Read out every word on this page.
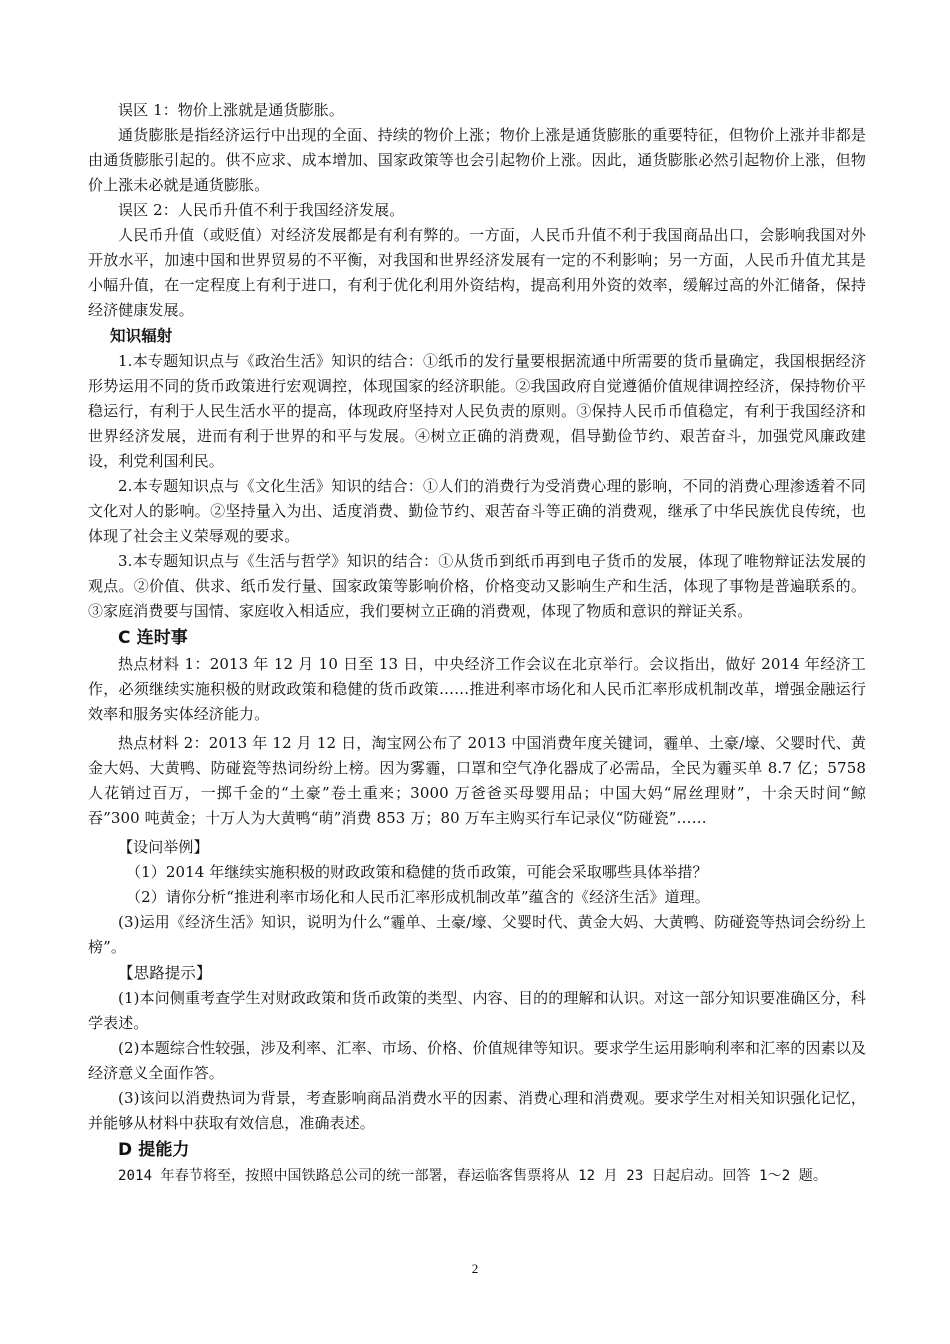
误区 1：物价上涨就是通货膨胀。

通货膨胀是指经济运行中出现的全面、持续的物价上涨；物价上涨是通货膨胀的重要特征，但物价上涨并非都是由通货膨胀引起的。供不应求、成本增加、国家政策等也会引起物价上涨。因此，通货膨胀必然引起物价上涨，但物价上涨未必就是通货膨胀。

误区 2：人民币升值不利于我国经济发展。

人民币升值（或贬值）对经济发展都是有利有弊的。一方面，人民币升值不利于我国商品出口，会影响我国对外开放水平，加速中国和世界贸易的不平衡，对我国和世界经济发展有一定的不利影响；另一方面，人民币升值尤其是小幅升值，在一定程度上有利于进口，有利于优化利用外资结构，提高利用外资的效率，缓解过高的外汇储备，保持经济健康发展。

知识辐射

1.本专题知识点与《政治生活》知识的结合：①纸币的发行量要根据流通中所需要的货币量确定，我国根据经济形势运用不同的货币政策进行宏观调控，体现国家的经济职能。②我国政府自觉遵循价值规律调控经济，保持物价平稳运行，有利于人民生活水平的提高，体现政府坚持对人民负责的原则。③保持人民币币值稳定，有利于我国经济和世界经济发展，进而有利于世界的和平与发展。④树立正确的消费观，倡导勤俭节约、艰苦奋斗，加强党风廉政建设，利党利国利民。

2.本专题知识点与《文化生活》知识的结合：①人们的消费行为受消费心理的影响，不同的消费心理渗透着不同文化对人的影响。②坚持量入为出、适度消费、勤俭节约、艰苦奋斗等正确的消费观，继承了中华民族优良传统，也体现了社会主义荣辱观的要求。

3.本专题知识点与《生活与哲学》知识的结合：①从货币到纸币再到电子货币的发展，体现了唯物辩证法发展的观点。②价值、供求、纸币发行量、国家政策等影响价格，价格变动又影响生产和生活，体现了事物是普遍联系的。③家庭消费要与国情、家庭收入相适应，我们要树立正确的消费观，体现了物质和意识的辩证关系。

C 连时事

热点材料 1：2013 年 12 月 10 日至 13 日，中央经济工作会议在北京举行。会议指出，做好 2014 年经济工作，必须继续实施积极的财政政策和稳健的货币政策……推进利率市场化和人民币汇率形成机制改革，增强金融运行效率和服务实体经济能力。

热点材料 2：2013 年 12 月 12 日，淘宝网公布了 2013 中国消费年度关键词，霾单、土豪/壕、父婴时代、黄金大妈、大黄鸭、防碰瓷等热词纷纷上榜。因为雾霾，口罩和空气净化器成了必需品，全民为霾买单 8.7 亿；5758 人花销过百万，一掷千金的“土豪”卷土重来；3000 万爸爸买母婴用品；中国大妈“屌丝理财”，十余天时间“鲸吞”300 吨黄金；十万人为大黄鸭“萌”消费 853 万；80 万车主购买行车记录仪“防碰瓷”……

【设问举例】

（1）2014 年继续实施积极的财政政策和稳健的货币政策，可能会采取哪些具体举措？

（2）请你分析“推进利率市场化和人民币汇率形成机制改革”蕴含的《经济生活》道理。

(3)运用《经济生活》知识，说明为什么“霾单、土豪/壕、父婴时代、黄金大妈、大黄鸭、防碰瓷等热词会纷纷上榜”。

【思路提示】

(1)本问侧重考查学生对财政政策和货币政策的类型、内容、目的的理解和认识。对这一部分知识要准确区分，科学表述。

(2)本题综合性较强，涉及利率、汇率、市场、价格、价值规律等知识。要求学生运用影响利率和汇率的因素以及经济意义全面作答。

(3)该问以消费热词为背景，考查影响商品消费水平的因素、消费心理和消费观。要求学生对相关知识强化记忆，并能够从材料中获取有效信息，准确表述。

D 提能力

2014 年春节将至，按照中国铁路总公司的统一部署，春运临客售票将从 12 月 23 日起启动。回答 1～2 题。

2
